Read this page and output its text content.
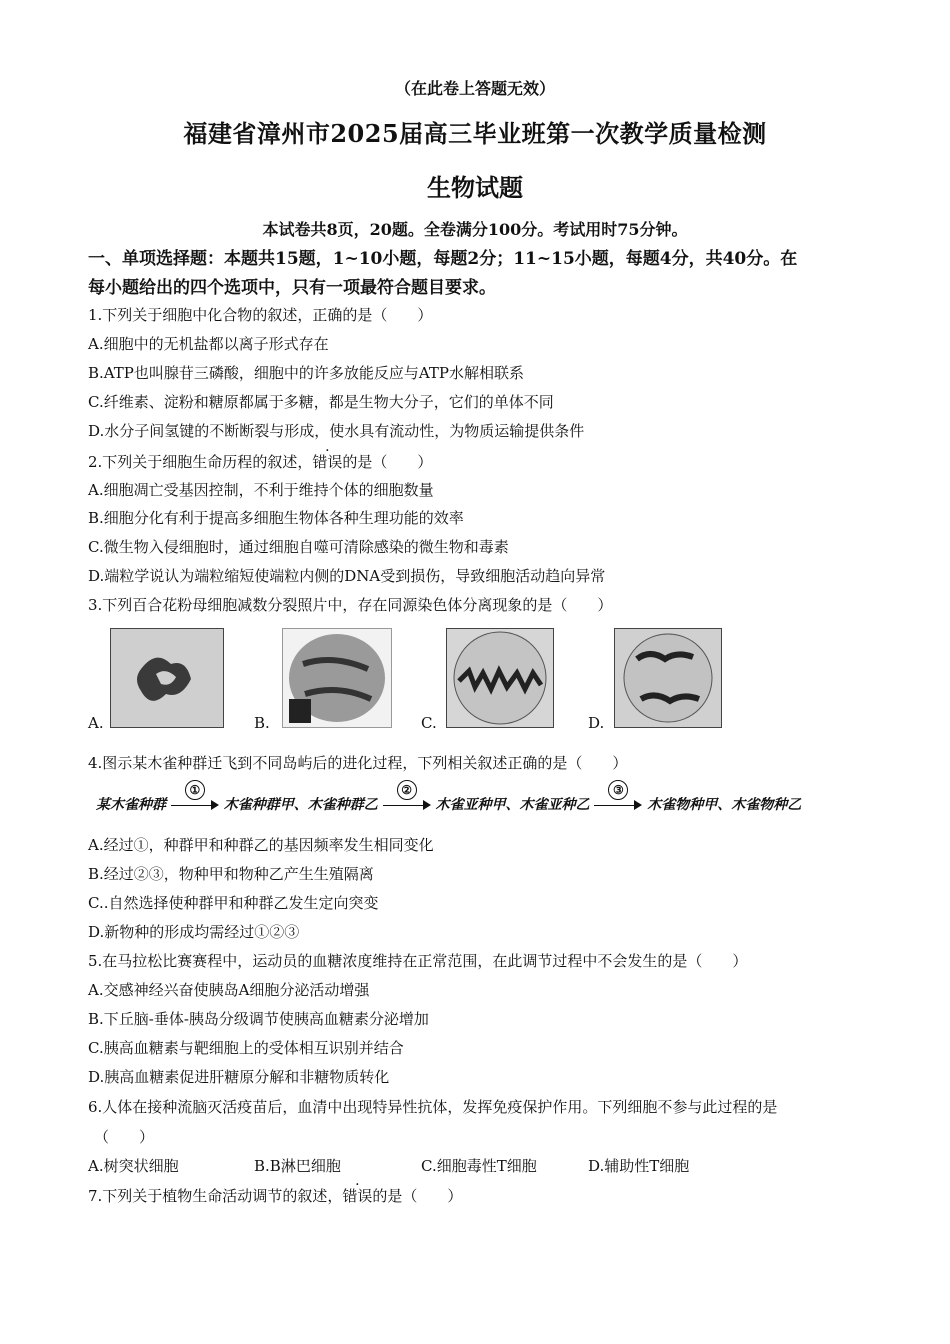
（在此卷上答题无效）
福建省漳州市2025届高三毕业班第一次教学质量检测
生物试题
本试卷共8页，20题。全卷满分100分。考试用时75分钟。
一、单项选择题：本题共15题，1~10小题，每题2分；11~15小题，每题4分，共40分。在
每小题给出的四个选项中，只有一项最符合题目要求。
1.下列关于细胞中化合物的叙述，正确的是（　　）
A.细胞中的无机盐都以离子形式存在
B.ATP也叫腺苷三磷酸，细胞中的许多放能反应与ATP水解相联系
C.纤维素、淀粉和糖原都属于多糖，都是生物大分子，它们的单体不同
D.水分子间氢键的不断断裂与形成，使水具有流动性，为物质运输提供条件
2.下列关于细胞生命历程的叙述，错误的是（　　）
A.细胞凋亡受基因控制，不利于维持个体的细胞数量
B.细胞分化有利于提高多细胞生物体各种生理功能的效率
C.微生物入侵细胞时，通过细胞自噬可清除感染的微生物和毒素
D.端粒学说认为端粒缩短使端粒内侧的DNA受到损伤，导致细胞活动趋向异常
3.下列百合花粉母细胞减数分裂照片中，存在同源染色体分离现象的是（　　）
A.	B.	C.	D.
4.图示某木雀种群迁飞到不同岛屿后的进化过程，下列相关叙述正确的是（　　）
某木雀种群
①
木雀种群甲、木雀种群乙
②
木雀亚种甲、木雀亚种乙
③
木雀物种甲、木雀物种乙
A.经过①，种群甲和种群乙的基因频率发生相同变化
B.经过②③，物种甲和物种乙产生生殖隔离
C..自然选择使种群甲和种群乙发生定向突变
D.新物种的形成均需经过①②③
5.在马拉松比赛赛程中，运动员的血糖浓度维持在正常范围，在此调节过程中不会发生的是（　　）
A.交感神经兴奋使胰岛A细胞分泌活动增强
B.下丘脑-垂体-胰岛分级调节使胰高血糖素分泌增加
C.胰高血糖素与靶细胞上的受体相互识别并结合
D.胰高血糖素促进肝糖原分解和非糖物质转化
6.人体在接种流脑灭活疫苗后，血清中出现特异性抗体，发挥免疫保护作用。下列细胞不参与此过程的是
（　　）
A.树突状细胞	B.B淋巴细胞	C.细胞毒性T细胞	D.辅助性T细胞
7.下列关于植物生命活动调节的叙述，错误的是（　　）
